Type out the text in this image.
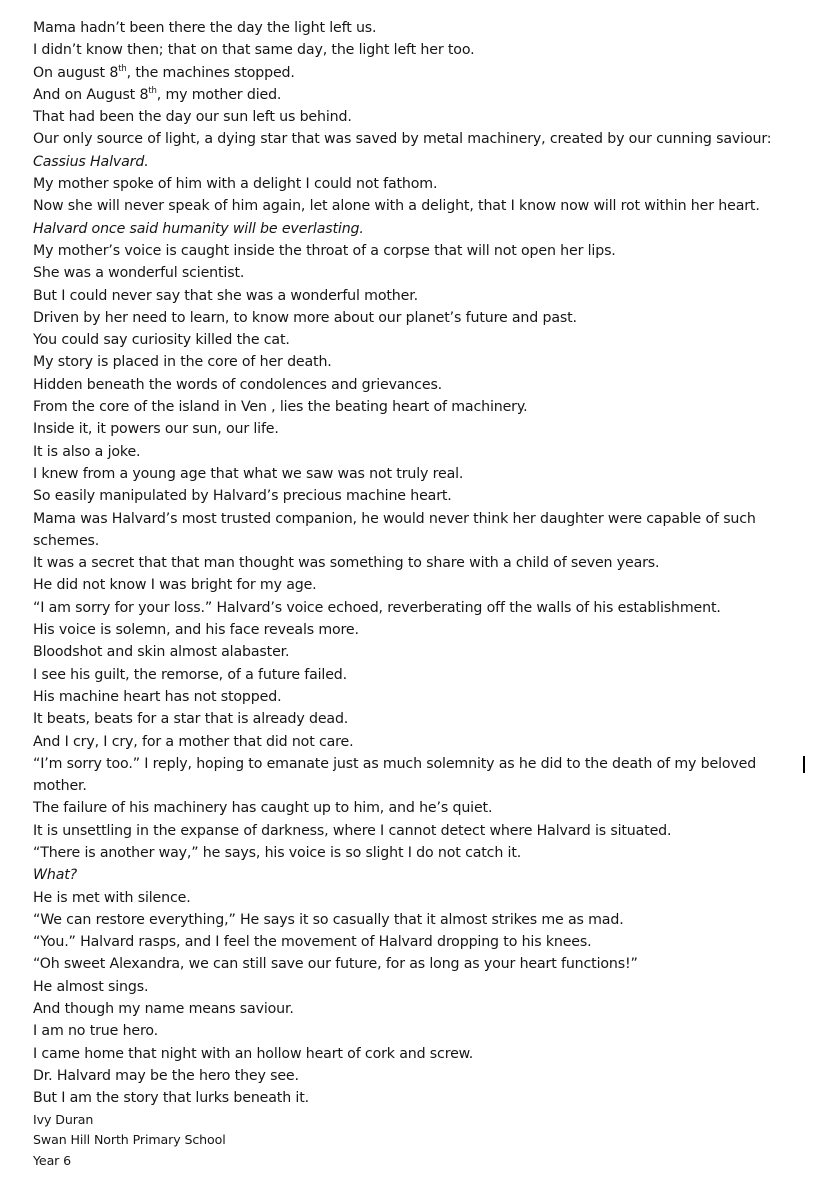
Mama hadn’t been there the day the light left us.
I didn’t know then; that on that same day, the light left her too.
On august 8th, the machines stopped.
And on August 8th, my mother died.
That had been the day our sun left us behind.
Our only source of light, a dying star that was saved by metal machinery, created by our cunning saviour:
Cassius Halvard.
My mother spoke of him with a delight I could not fathom.
Now she will never speak of him again, let alone with a delight, that I know now will rot within her heart.
Halvard once said humanity will be everlasting.
My mother’s voice is caught inside the throat of a corpse that will not open her lips.
She was a wonderful scientist.
But I could never say that she was a wonderful mother.
Driven by her need to learn, to know more about our planet’s future and past.
You could say curiosity killed the cat.
My story is placed in the core of her death.
Hidden beneath the words of condolences and grievances.
From the core of the island in Ven , lies the beating heart of machinery.
Inside it, it powers our sun, our life.
It is also a joke.
I knew from a young age that what we saw was not truly real.
So easily manipulated by Halvard’s precious machine heart.
Mama was Halvard’s most trusted companion, he would never think her daughter were capable of such
schemes.
It was a secret that that man thought was something to share with a child of seven years.
He did not know I was bright for my age.
“I am sorry for your loss.” Halvard’s voice echoed, reverberating off the walls of his establishment.
His voice is solemn, and his face reveals more.
Bloodshot and skin almost alabaster.
I see his guilt, the remorse, of a future failed.
His machine heart has not stopped.
It beats, beats for a star that is already dead.
And I cry, I cry, for a mother that did not care.
“I’m sorry too.” I reply, hoping to emanate just as much solemnity as he did to the death of my beloved
mother.
The failure of his machinery has caught up to him, and he’s quiet.
It is unsettling in the expanse of darkness, where I cannot detect where Halvard is situated.
“There is another way,” he says, his voice is so slight I do not catch it.
What?
He is met with silence.
“We can restore everything,” He says it so casually that it almost strikes me as mad.
“You.” Halvard rasps, and I feel the movement of Halvard dropping to his knees.
“Oh sweet Alexandra, we can still save our future, for as long as your heart functions!”
He almost sings.
And though my name means saviour.
I am no true hero.
I came home that night with an hollow heart of cork and screw.
Dr. Halvard may be the hero they see.
But I am the story that lurks beneath it.
Ivy Duran
Swan Hill North Primary School
Year 6
